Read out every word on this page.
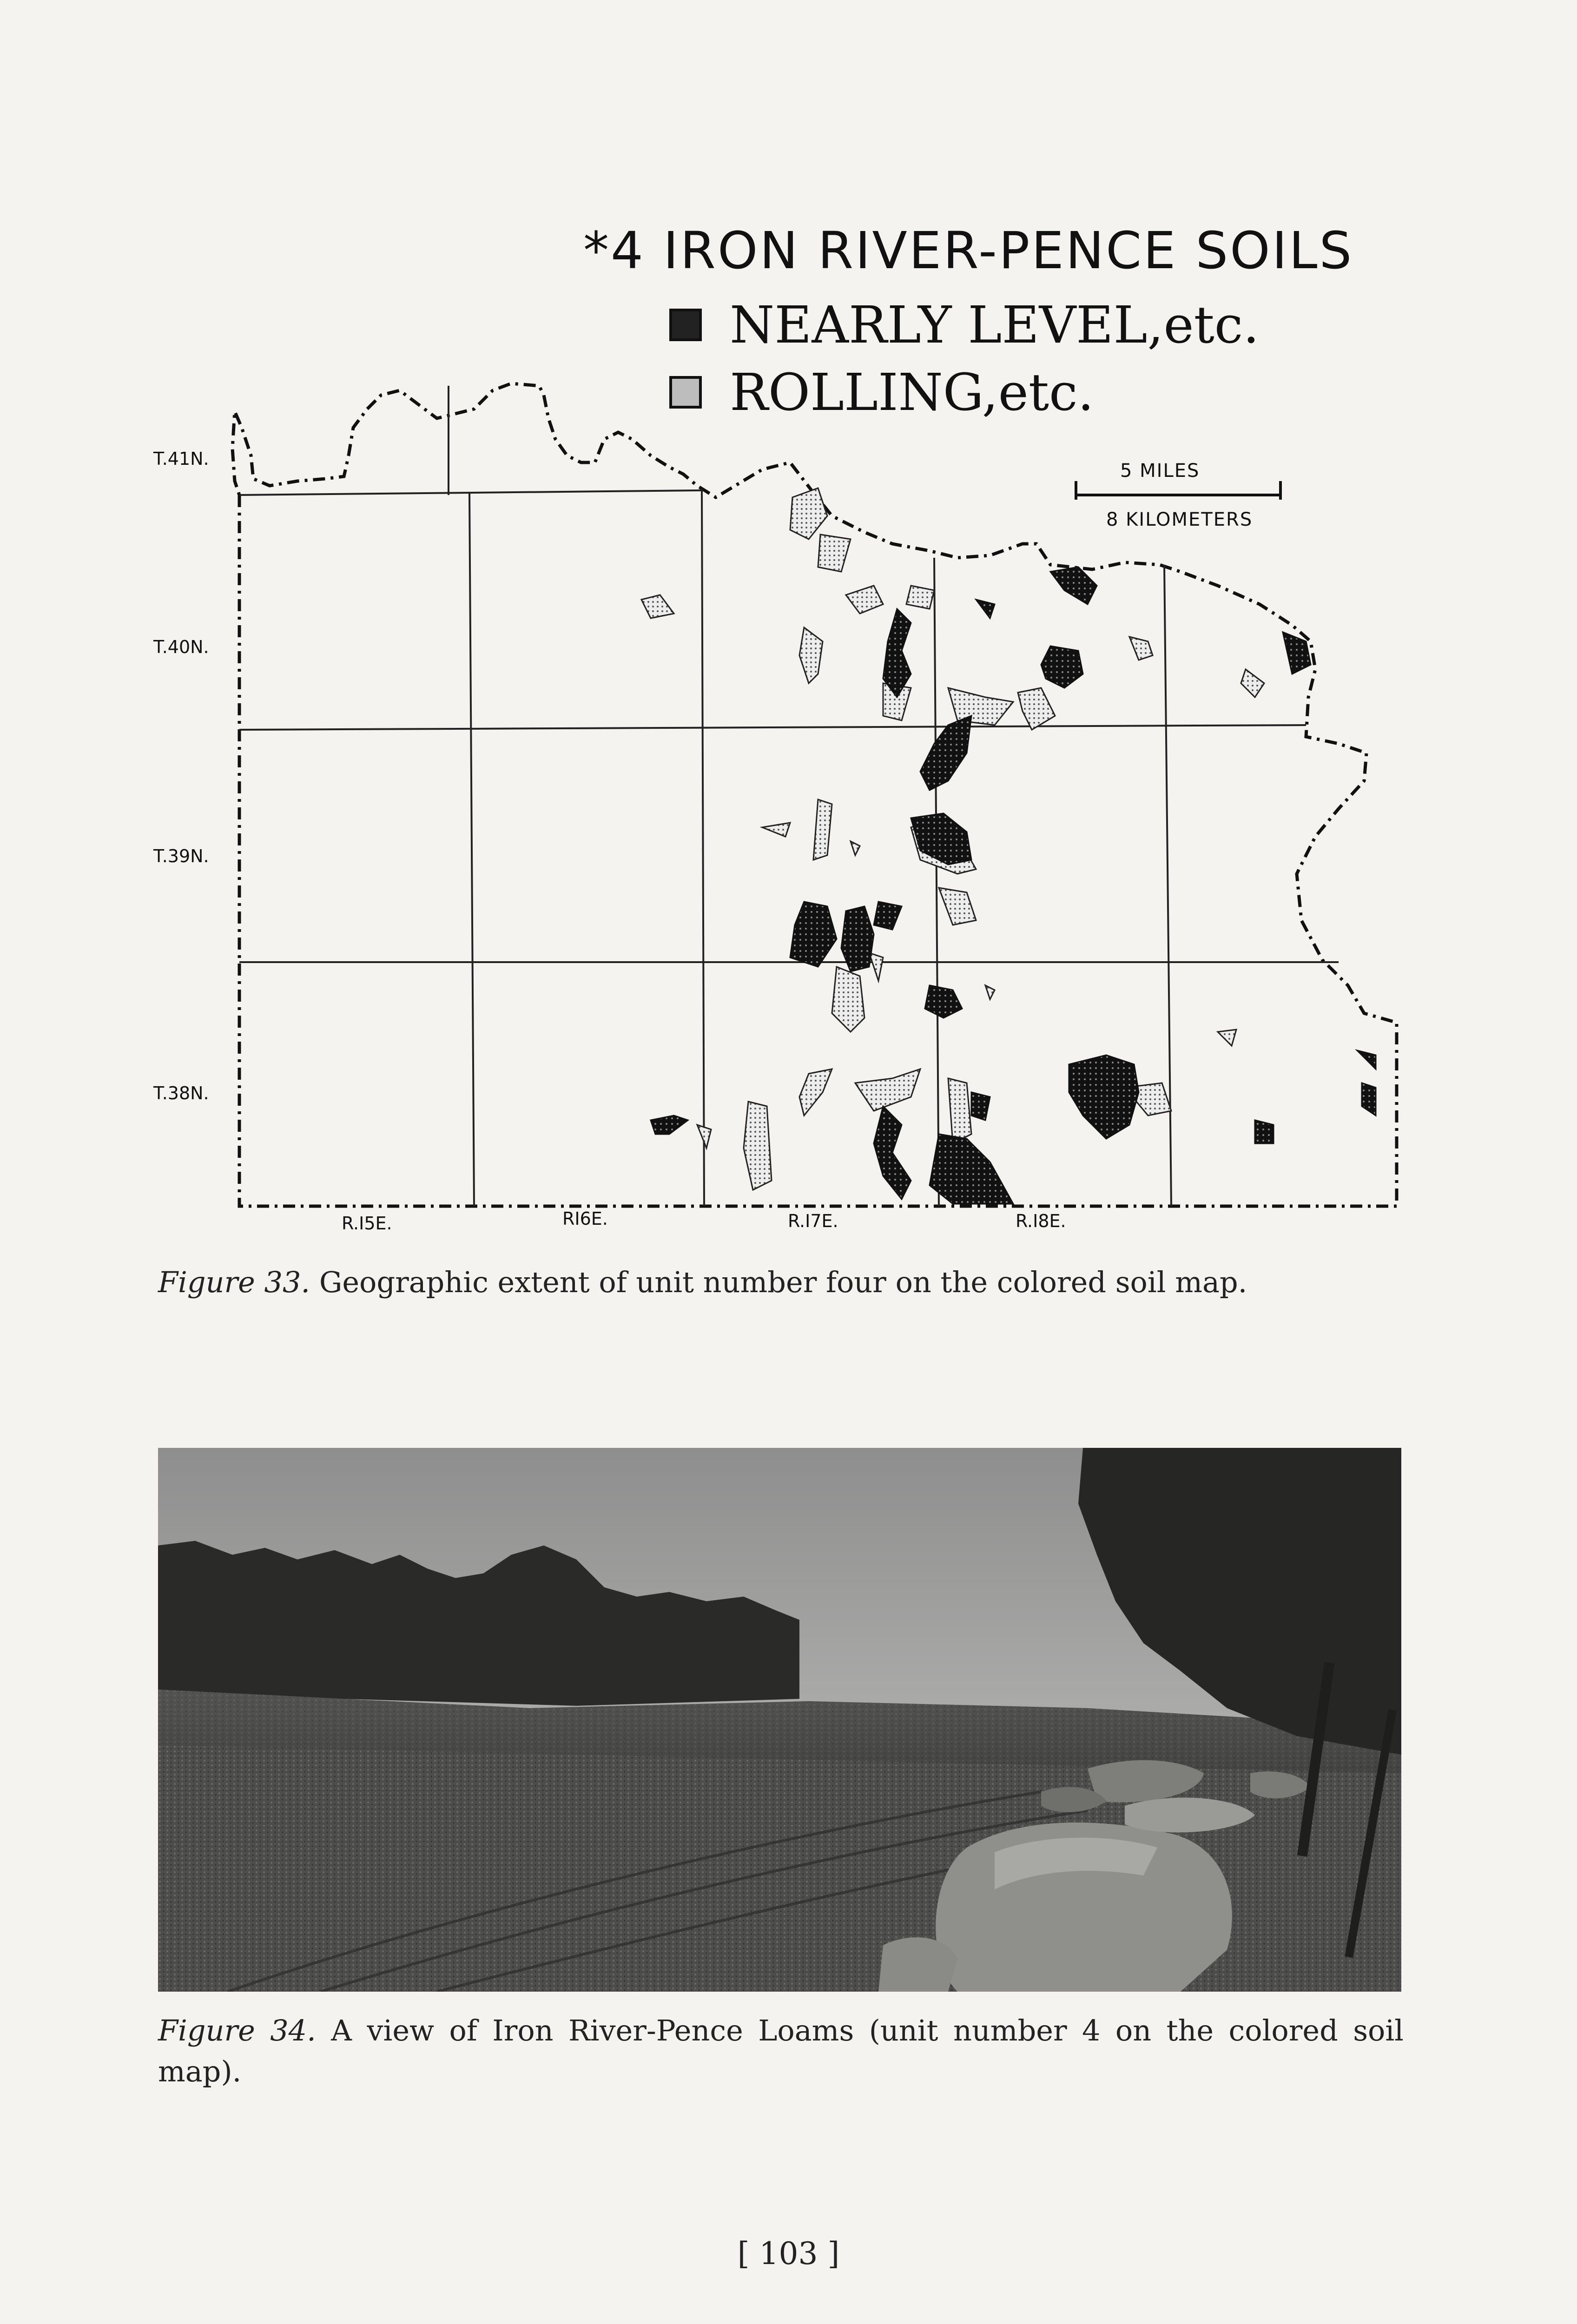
*4 IRON RIVER-PENCE SOILS
NEARLY LEVEL,etc.
ROLLING,etc.
T.41N.
T.40N.
T.39N.
T.38N.
R.I5E.	RI6E.	R.I7E.	R.I8E.
5 MILES
8 KILOMETERS
Figure 33. Geographic extent of unit number four on the colored soil map.
Figure 34. A view of Iron River-Pence Loams (unit number 4 on the colored soil map).
[ 103 ]
